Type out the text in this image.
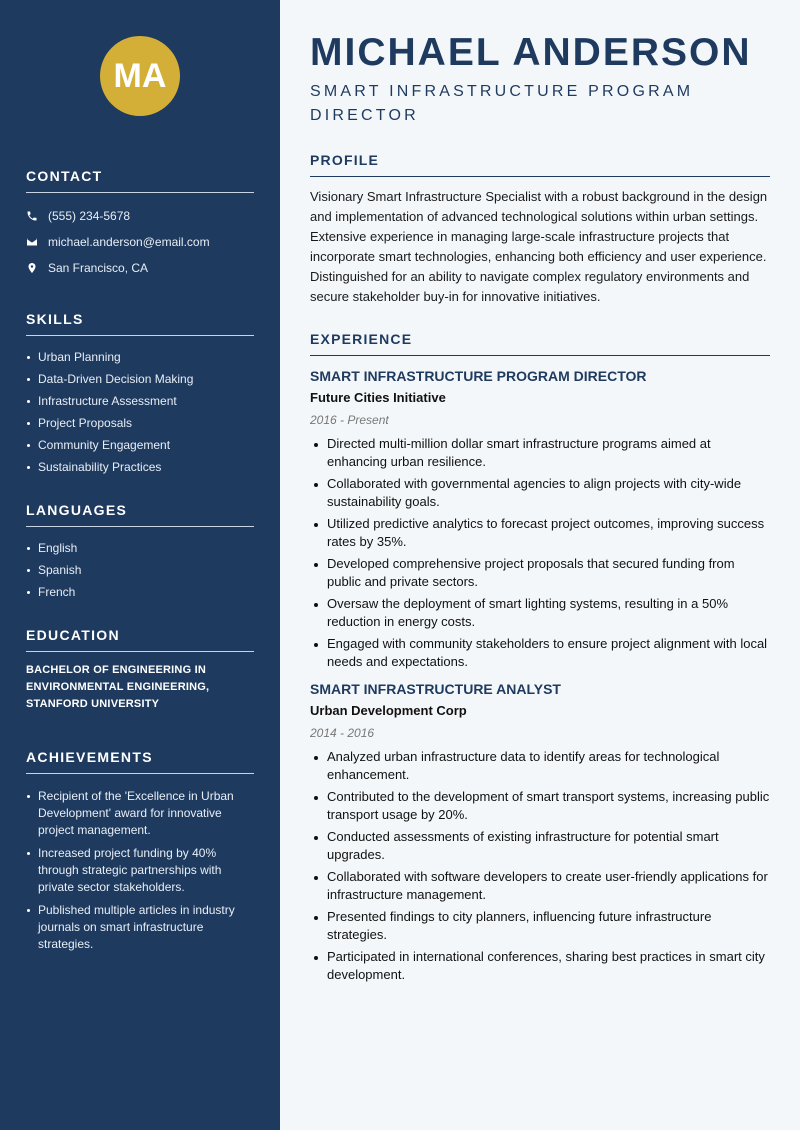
MA
CONTACT
(555) 234-5678
michael.anderson@email.com
San Francisco, CA
SKILLS
Urban Planning
Data-Driven Decision Making
Infrastructure Assessment
Project Proposals
Community Engagement
Sustainability Practices
LANGUAGES
English
Spanish
French
EDUCATION
BACHELOR OF ENGINEERING IN ENVIRONMENTAL ENGINEERING, STANFORD UNIVERSITY
ACHIEVEMENTS
Recipient of the 'Excellence in Urban Development' award for innovative project management.
Increased project funding by 40% through strategic partnerships with private sector stakeholders.
Published multiple articles in industry journals on smart infrastructure strategies.
MICHAEL ANDERSON
SMART INFRASTRUCTURE PROGRAM DIRECTOR
PROFILE
Visionary Smart Infrastructure Specialist with a robust background in the design and implementation of advanced technological solutions within urban settings. Extensive experience in managing large-scale infrastructure projects that incorporate smart technologies, enhancing both efficiency and user experience. Distinguished for an ability to navigate complex regulatory environments and secure stakeholder buy-in for innovative initiatives.
EXPERIENCE
SMART INFRASTRUCTURE PROGRAM DIRECTOR
Future Cities Initiative
2016 - Present
Directed multi-million dollar smart infrastructure programs aimed at enhancing urban resilience.
Collaborated with governmental agencies to align projects with city-wide sustainability goals.
Utilized predictive analytics to forecast project outcomes, improving success rates by 35%.
Developed comprehensive project proposals that secured funding from public and private sectors.
Oversaw the deployment of smart lighting systems, resulting in a 50% reduction in energy costs.
Engaged with community stakeholders to ensure project alignment with local needs and expectations.
SMART INFRASTRUCTURE ANALYST
Urban Development Corp
2014 - 2016
Analyzed urban infrastructure data to identify areas for technological enhancement.
Contributed to the development of smart transport systems, increasing public transport usage by 20%.
Conducted assessments of existing infrastructure for potential smart upgrades.
Collaborated with software developers to create user-friendly applications for infrastructure management.
Presented findings to city planners, influencing future infrastructure strategies.
Participated in international conferences, sharing best practices in smart city development.
